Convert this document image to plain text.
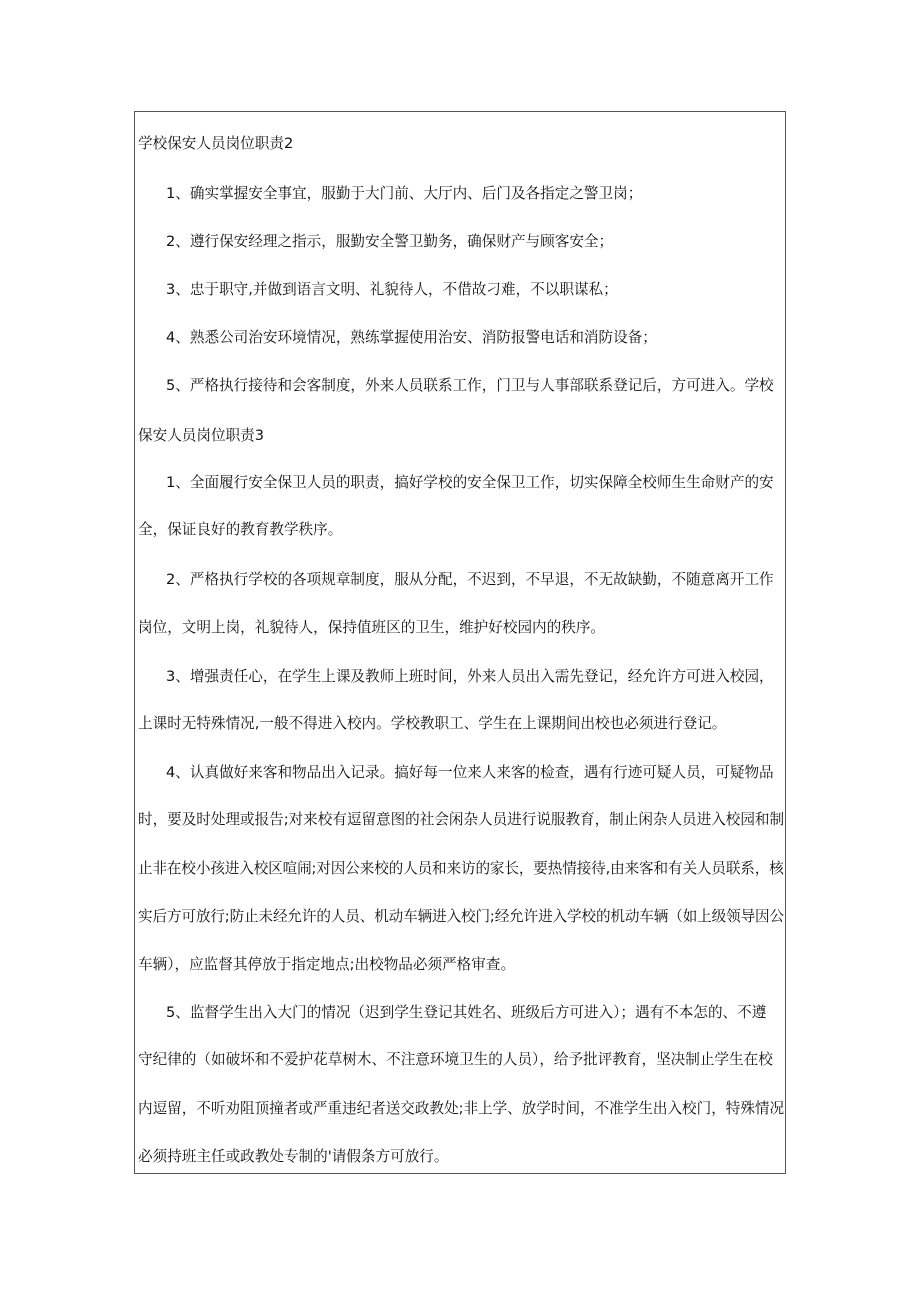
学校保安人员岗位职责2
1、确实掌握安全事宜，服勤于大门前、大厅内、后门及各指定之警卫岗；
2、遵行保安经理之指示，服勤安全警卫勤务，确保财产与顾客安全；
3、忠于职守,并做到语言文明、礼貌待人，不借故刁难，不以职谋私；
4、熟悉公司治安环境情况，熟练掌握使用治安、消防报警电话和消防设备；
5、严格执行接待和会客制度，外来人员联系工作，门卫与人事部联系登记后，方可进入。学校
保安人员岗位职责3
1、全面履行安全保卫人员的职责，搞好学校的安全保卫工作，切实保障全校师生生命财产的安
全，保证良好的教育教学秩序。
2、严格执行学校的各项规章制度，服从分配，不迟到，不早退，不无故缺勤，不随意离开工作
岗位，文明上岗，礼貌待人，保持值班区的卫生，维护好校园内的秩序。
3、增强责任心，在学生上课及教师上班时间，外来人员出入需先登记，经允许方可进入校园，
上课时无特殊情况,一般不得进入校内。学校教职工、学生在上课期间出校也必须进行登记。
4、认真做好来客和物品出入记录。搞好每一位来人来客的检查，遇有行迹可疑人员，可疑物品
时，要及时处理或报告;对来校有逗留意图的社会闲杂人员进行说服教育，制止闲杂人员进入校园和制
止非在校小孩进入校区喧闹;对因公来校的人员和来访的家长，要热情接待,由来客和有关人员联系，核
实后方可放行;防止未经允许的人员、机动车辆进入校门;经允许进入学校的机动车辆（如上级领导因公
车辆），应监督其停放于指定地点;出校物品必须严格审查。
5、监督学生出入大门的情况（迟到学生登记其姓名、班级后方可进入）；遇有不本怎的、不遵
守纪律的（如破坏和不爱护花草树木、不注意环境卫生的人员），给予批评教育，坚决制止学生在校
内逗留，不听劝阻顶撞者或严重违纪者送交政教处;非上学、放学时间，不准学生出入校门，特殊情况
必须持班主任或政教处专制的'请假条方可放行。
